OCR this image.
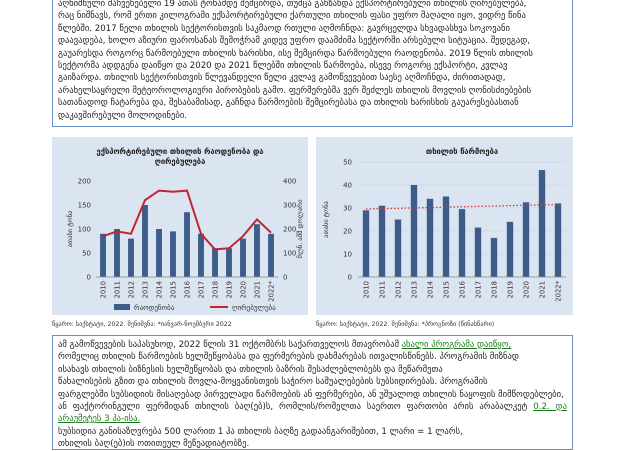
აღნიშნული მაჩვენებელი 19 ათას ტონამდე შემცირდა, თუმცა განზანდა ექსპორტირებული თხილის ღირებულება,
რაც ნიშნავს, რომ ერთი კილოგრამი ექსპორტირებული ქართული თხილის ფასი უფრო მაღალი იყო, ვიდრე წინა
წლებში. 2017 წელი თხილის სექტორისთვის საკმაოდ რთული აღმოჩნდა: გავრცელდა სხვადასხვა სოკოვანი
დაავადება, ხოლო აზიური ფაროსანას შემოჭრამ კიდევ უფრო დაამძიმა სექტორში არსებული სიტუაცია. შედეგად,
გაუარესდა როგორც წარმოებული თხილის ხარისხი, ისე შემცირდა წარმოებული რაოდენობა. 2019 წლის თხილის
სექტორმა ადდგენა დაიწყო და 2020 და 2021 წლებში თხილის წარმოება, ისევე როგორც ექსპორტი, კვლავ
გაიზარდა. თხილის სექტორისთვის წლევანდელი წელი კვლავ გამოწვევებით საესე აღმოჩნდა, ძირითადად,
არახელსაყრელი მეტეოროლოგიური პირობების გამო. ფერმერებმა ვერ შეძლეს თხილის მოვლის ღონისძიებების
სათანადოდ ჩატარება და, შესაბამისად, გაჩნდა წარმოების შემცირებასა და თხილის ხარისხის გაუარესებასთან
დაკავშირებული მოლოდინები.
ექსპორტირებული თხილის რაოდენობა და
ღირებულება
0
50
100
150
200
0
100
200
300
400
ათასი ტონა	მლნ. აშშ დოლარი
2010 2011 2012 2013 2014 2015 2016 2017 2018 2019 2020 2021 2022*
რაოდენობა	ღირებულება
თხილის წარმოება
0
10
20
30
40
50
ათასი ტონა
2010 2011 2012 2013 2014 2015 2016 2017 2018 2019 2020 2021 2022*
წყარო: საქსტატი, 2022. შენიშვნა: *იანვარ-ნოემბერი 2022	წყარო: საქსტატი, 2022. შენიშვნა: *პროგნოზი (წინასწარი)
ამ გამოწვევების საპასუხოდ, 2022 წლის 31 ოქტომბრს საქართველოს მთავრობამ ახალი პროგრამა დაიწყო,
რომელიც თხილის წარმოების ხელშეწყობასა და ფერმერების დახმარებას ითვალისწინებს. პროგრამის მიზნად
ისახავს თხილის ბიზნესის ხელშეწყობას და თხილის ბაზრის შესაძლებლობებს და მეწარმეთა
წახალისების გზით და თხილის მოვლა-მოყვანისთვის საჭირო საშუალებების სუბსიდირებას. პროგრამის
ფარგლებში სუბსიდიის მისაღებად პირველადი წარმოების ან ფერმერები, ან უშუალოდ თხილის ნაყოფის მიმწოდებლები,
ან ფაქტორინგული ფერმიდან თხილის ბაღ(ებ)ს, რომლის/რომელთა საერთო ფართობი არის არაბალკეტ 0.2. და არაუმეტეს 3 ჰა-ისა.
სუბსიდია განისაზღვრება 500 ლარით 1 ჰა თხილის ბაღზე გადაანგარიშებით, 1 ლარი = 1 ლარს,
თხილის ბაღ(ებ)ის ოთითეულ მეწეადიატობზე.
